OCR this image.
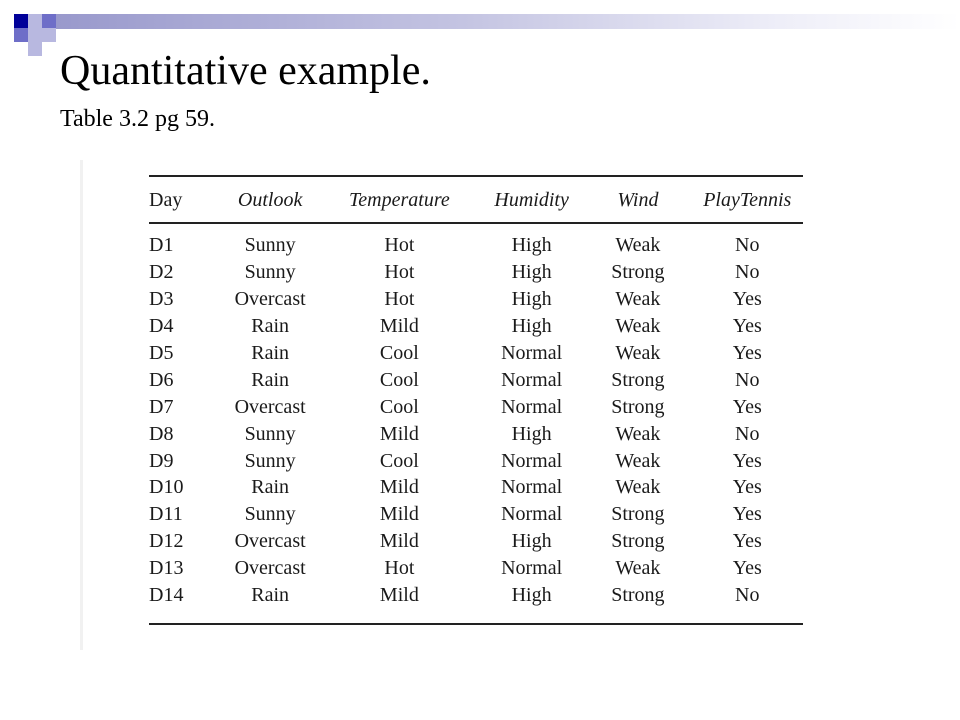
Quantitative example.
Table 3.2 pg 59.
Day	Outlook	Temperature	Humidity	Wind	PlayTennis
D1	Sunny	Hot	High	Weak	No
D2	Sunny	Hot	High	Strong	No
D3	Overcast	Hot	High	Weak	Yes
D4	Rain	Mild	High	Weak	Yes
D5	Rain	Cool	Normal	Weak	Yes
D6	Rain	Cool	Normal	Strong	No
D7	Overcast	Cool	Normal	Strong	Yes
D8	Sunny	Mild	High	Weak	No
D9	Sunny	Cool	Normal	Weak	Yes
D10	Rain	Mild	Normal	Weak	Yes
D11	Sunny	Mild	Normal	Strong	Yes
D12	Overcast	Mild	High	Strong	Yes
D13	Overcast	Hot	Normal	Weak	Yes
D14	Rain	Mild	High	Strong	No
